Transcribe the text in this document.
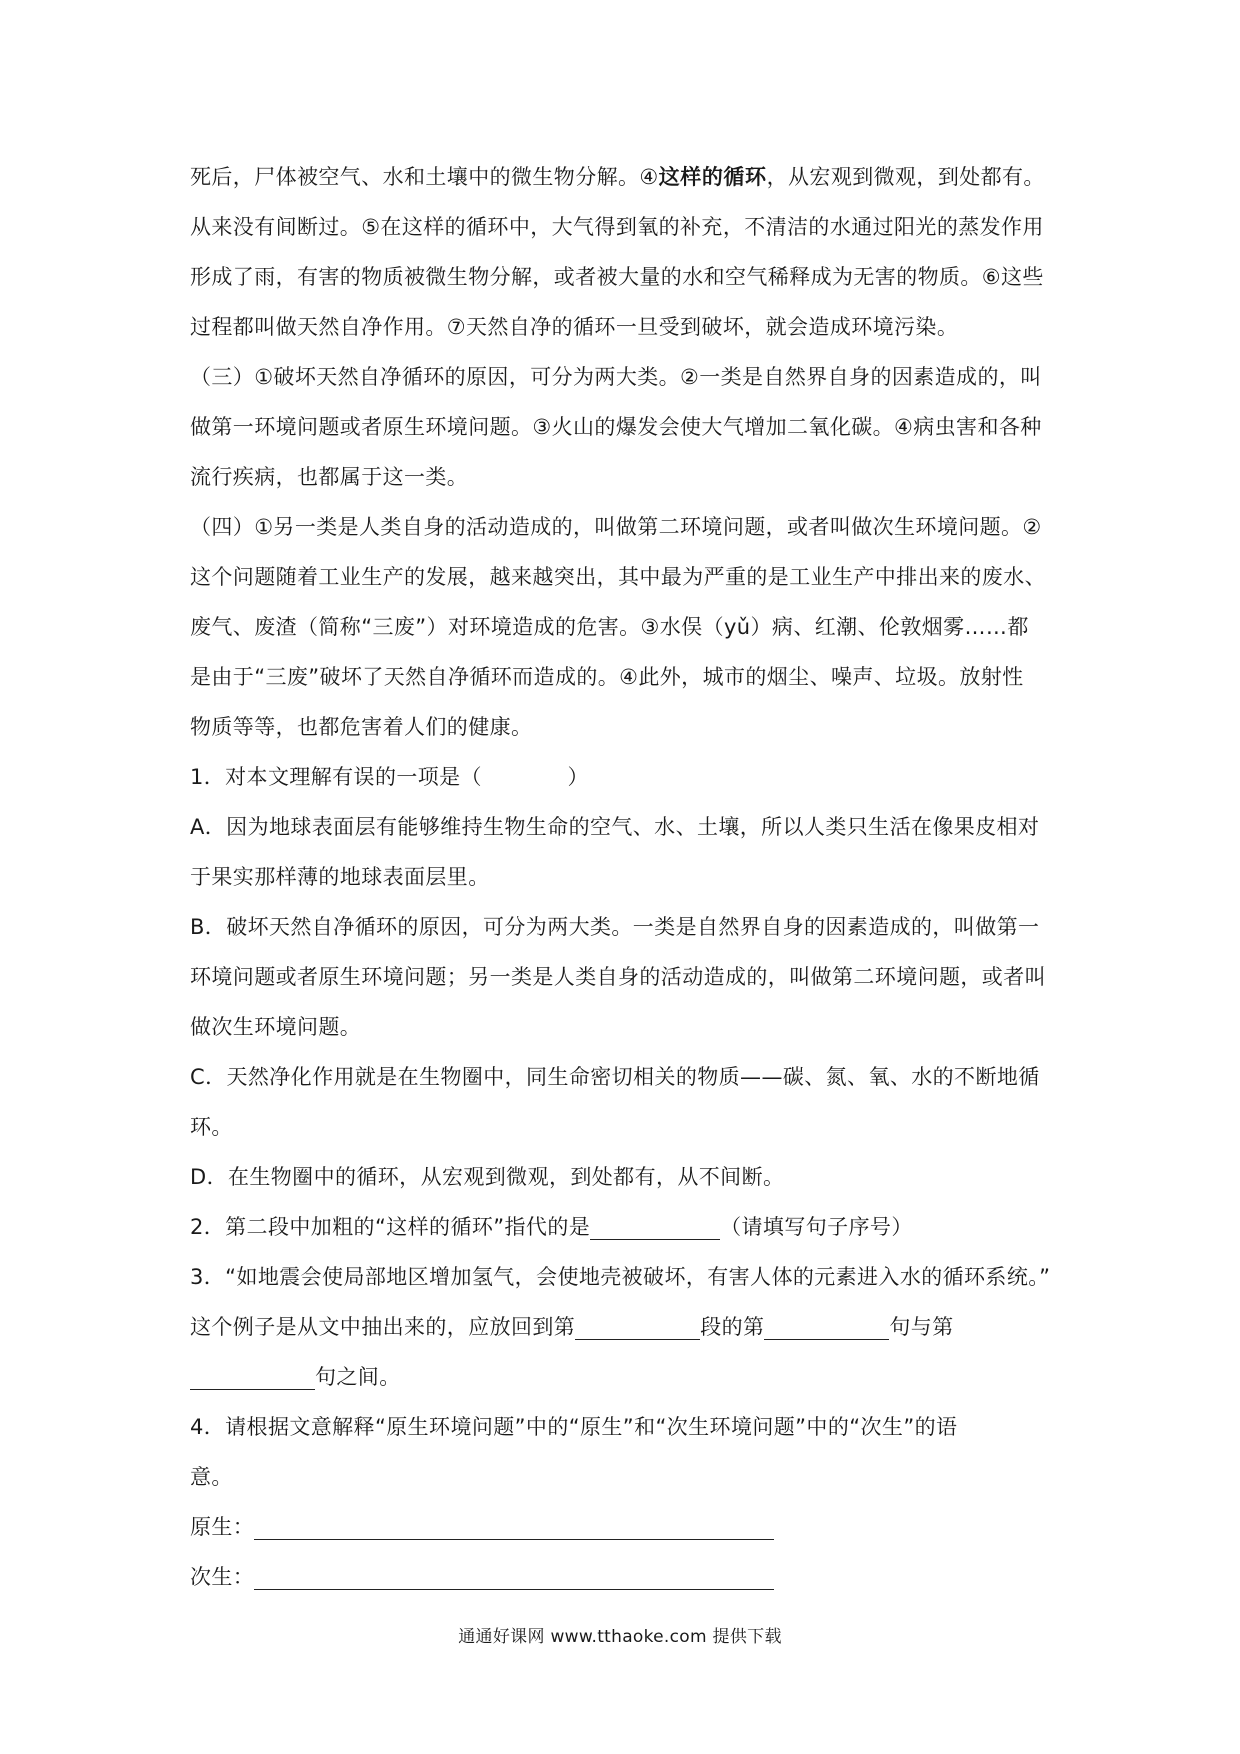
死后，尸体被空气、水和土壤中的微生物分解。④这样的循环，从宏观到微观，到处都有。
从来没有间断过。⑤在这样的循环中，大气得到氧的补充，不清洁的水通过阳光的蒸发作用
形成了雨，有害的物质被微生物分解，或者被大量的水和空气稀释成为无害的物质。⑥这些
过程都叫做天然自净作用。⑦天然自净的循环一旦受到破坏，就会造成环境污染。
（三）①破坏天然自净循环的原因，可分为两大类。②一类是自然界自身的因素造成的，叫
做第一环境问题或者原生环境问题。③火山的爆发会使大气增加二氧化碳。④病虫害和各种
流行疾病，也都属于这一类。
（四）①另一类是人类自身的活动造成的，叫做第二环境问题，或者叫做次生环境问题。②
这个问题随着工业生产的发展，越来越突出，其中最为严重的是工业生产中排出来的废水、
废气、废渣（简称“三废”）对环境造成的危害。③水俣（yǔ）病、红潮、伦敦烟雾……都
是由于“三废”破坏了天然自净循环而造成的。④此外，城市的烟尘、噪声、垃圾。放射性
物质等等，也都危害着人们的健康。
1．对本文理解有误的一项是（　　　　）
A．因为地球表面层有能够维持生物生命的空气、水、土壤，所以人类只生活在像果皮相对
于果实那样薄的地球表面层里。
B．破坏天然自净循环的原因，可分为两大类。一类是自然界自身的因素造成的，叫做第一
环境问题或者原生环境问题；另一类是人类自身的活动造成的，叫做第二环境问题，或者叫
做次生环境问题。
C．天然净化作用就是在生物圈中，同生命密切相关的物质——碳、氮、氧、水的不断地循
环。
D．在生物圈中的循环，从宏观到微观，到处都有，从不间断。
2．第二段中加粗的“这样的循环”指代的是	（请填写句子序号）
3．“如地震会使局部地区增加氢气，会使地壳被破坏，有害人体的元素进入水的循环系统。”
这个例子是从文中抽出来的，应放回到第	段的第	句与第
句之间。
4．请根据文意解释“原生环境问题”中的“原生”和“次生环境问题”中的“次生”的语
意。
原生：
次生：
通通好课网 www.tthaoke.com 提供下载
